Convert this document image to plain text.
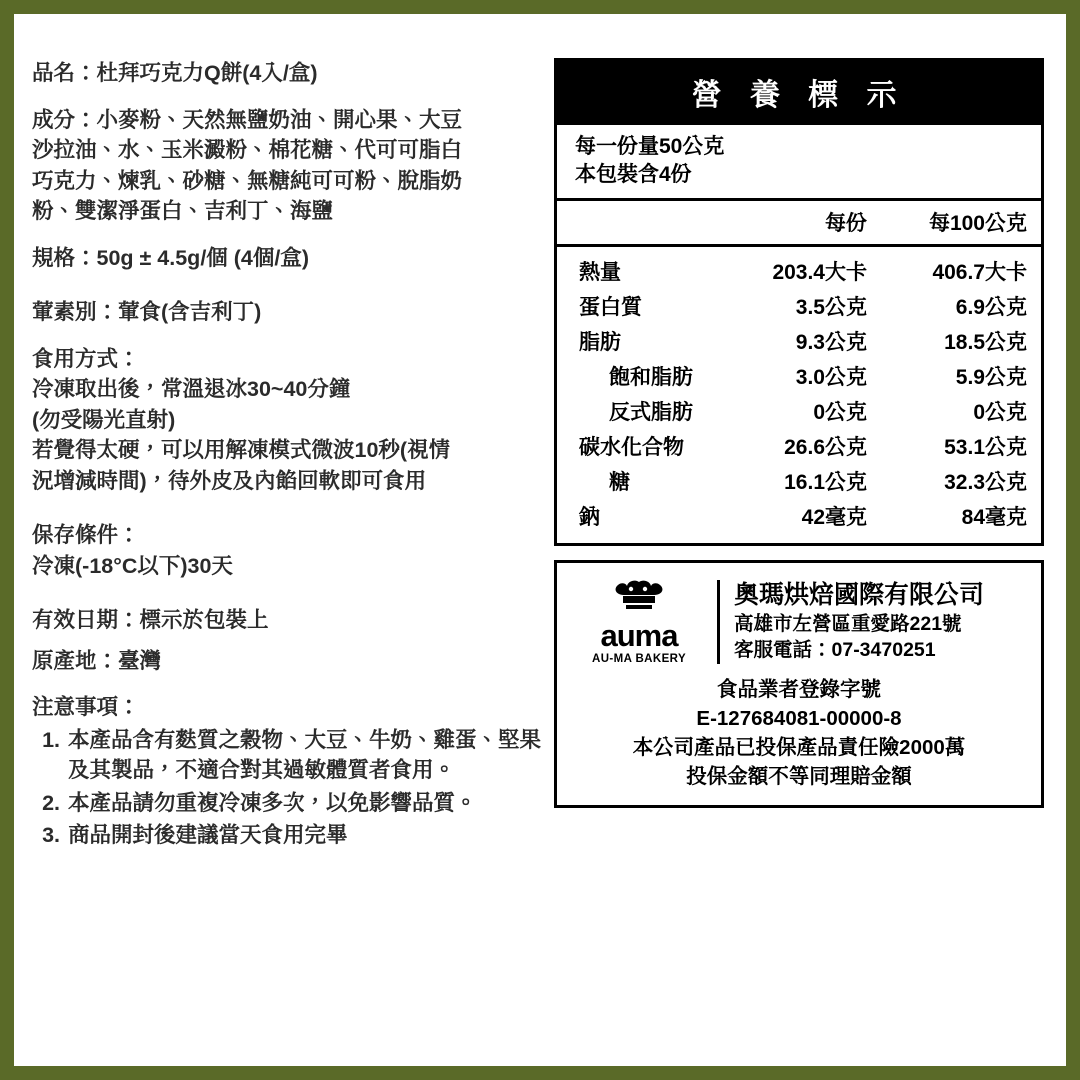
品名：杜拜巧克力Q餅(4入/盒)
成分：小麥粉、天然無鹽奶油、開心果、大豆
沙拉油、水、玉米澱粉、棉花糖、代可可脂白
巧克力、煉乳、砂糖、無糖純可可粉、脫脂奶
粉、雙潔淨蛋白、吉利丁、海鹽
規格：50g ± 4.5g/個 (4個/盒)
葷素別：葷食(含吉利丁)
食用方式：
冷凍取出後，常溫退冰30~40分鐘
(勿受陽光直射)
若覺得太硬，可以用解凍模式微波10秒(視情
況增減時間)，待外皮及內餡回軟即可食用
保存條件：
冷凍(-18°C以下)30天
有效日期：標示於包裝上
原產地：臺灣
注意事項：
1. 本產品含有麩質之穀物、大豆、牛奶、雞蛋、堅果及其製品，不適合對其過敏體質者食用。
2. 本產品請勿重複冷凍多次，以免影響品質。
3. 商品開封後建議當天食用完畢
營 養 標 示
每一份量50公克
本包裝含4份
每份	每100公克
熱量	203.4大卡	406.7大卡
蛋白質	3.5公克	6.9公克
脂肪	9.3公克	18.5公克
飽和脂肪	3.0公克	5.9公克
反式脂肪	0公克	0公克
碳水化合物	26.6公克	53.1公克
糖	16.1公克	32.3公克
鈉	42毫克	84毫克
auma
AU-MA BAKERY
奧瑪烘焙國際有限公司
高雄市左營區重愛路221號
客服電話：07-3470251
食品業者登錄字號
E-127684081-00000-8
本公司產品已投保產品責任險2000萬
投保金額不等同理賠金額
